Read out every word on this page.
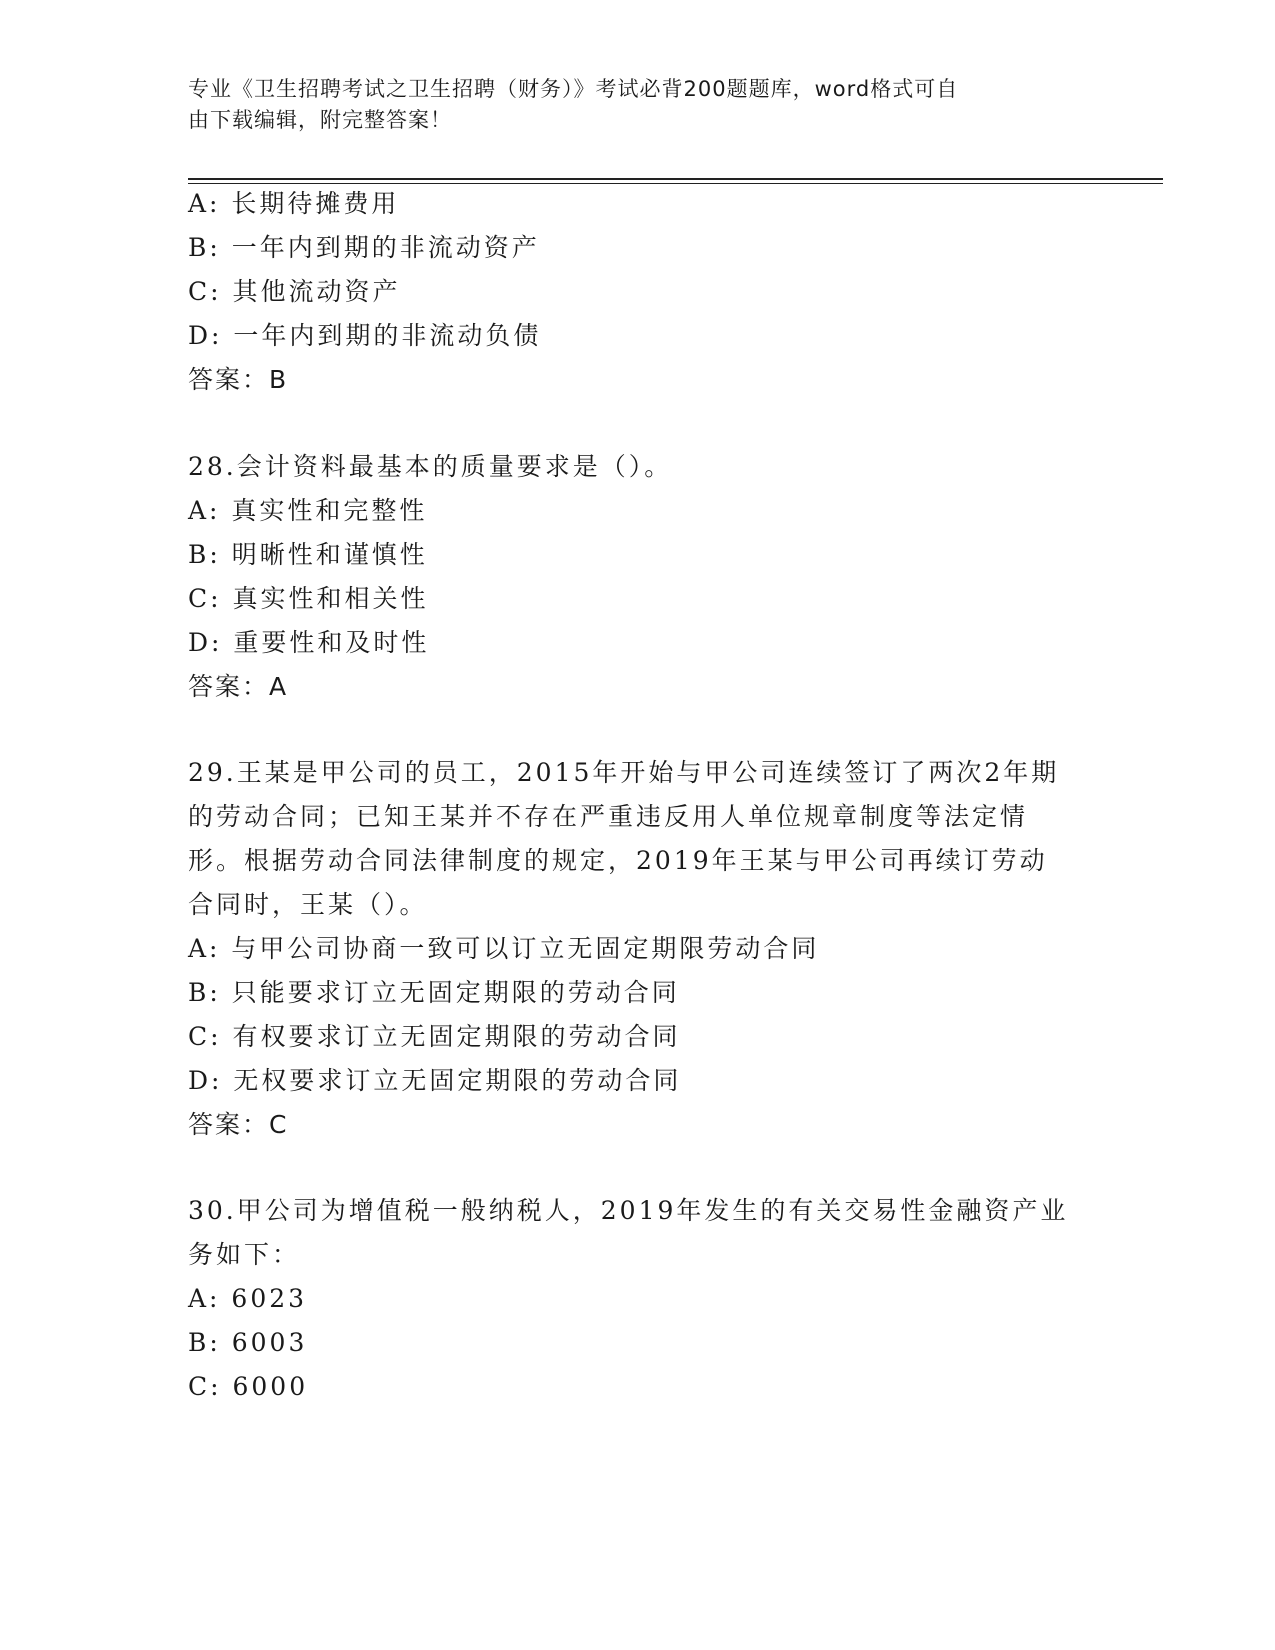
专业《卫生招聘考试之卫生招聘（财务）》考试必背200题题库，word格式可自
由下载编辑，附完整答案！
A: 长期待摊费用
B: 一年内到期的非流动资产
C: 其他流动资产
D: 一年内到期的非流动负债
答案：B
28.会计资料最基本的质量要求是（）。
A: 真实性和完整性
B: 明晰性和谨慎性
C: 真实性和相关性
D: 重要性和及时性
答案：A
29.王某是甲公司的员工，2015年开始与甲公司连续签订了两次2年期
的劳动合同；已知王某并不存在严重违反用人单位规章制度等法定情
形。根据劳动合同法律制度的规定，2019年王某与甲公司再续订劳动
合同时，王某（）。
A: 与甲公司协商一致可以订立无固定期限劳动合同
B: 只能要求订立无固定期限的劳动合同
C: 有权要求订立无固定期限的劳动合同
D: 无权要求订立无固定期限的劳动合同
答案：C
30.甲公司为增值税一般纳税人，2019年发生的有关交易性金融资产业
务如下：
A: 6023
B: 6003
C: 6000
